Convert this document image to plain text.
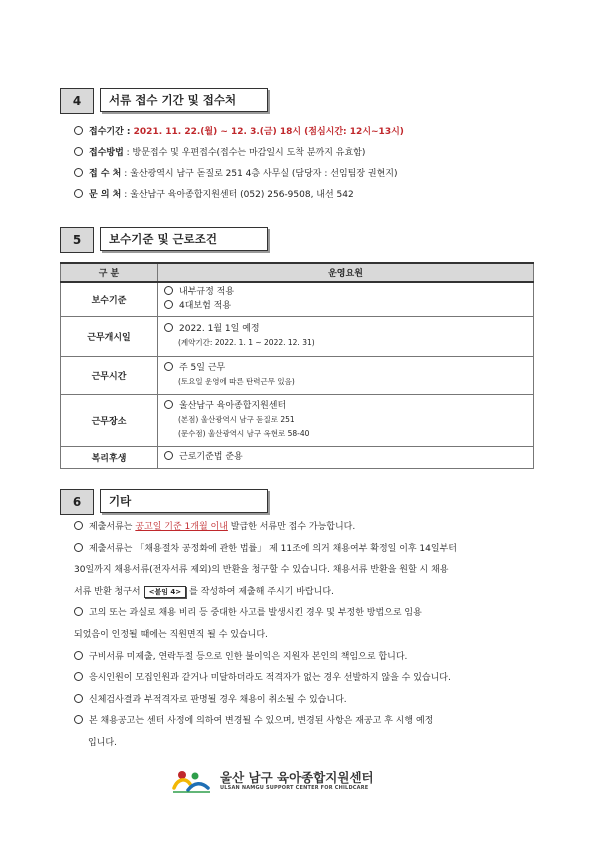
4	서류 접수 기간 및 접수처
접수기간 : 2021. 11. 22.(월) ~ 12. 3.(금) 18시 (점심시간: 12시~13시)
접수방법 : 방문접수 및 우편접수(접수는 마감일시 도착 분까지 유효함)
접 수 처 : 울산광역시 남구 돋질로 251 4층 사무실 (담당자 : 선임팀장 권현지)
문 의 처 : 울산남구 육아종합지원센터 (052) 256-9508, 내선 542
5	보수기준 및 근로조건
구 분	운영요원
보수기준	내부규정 적용
4대보험 적용

근무개시일	2022. 1월 1일 예정
(계약기간: 2022. 1. 1 ~ 2022. 12. 31)

근무시간	주 5일 근무
(토요일 운영에 따른 탄력근무 있음)

근무장소	울산남구 육아종합지원센터
(본점) 울산광역시 남구 돋질로 251
(문수점) 울산광역시 남구 옥현로 58-40

복리후생	근로기준법 준용
6	기타
제출서류는 공고일 기준 1개월 이내 발급한 서류만 접수 가능합니다.
제출서류는 「채용절차 공정화에 관한 법률」 제 11조에 의거 채용여부 확정일 이후 14일부터
30일까지 채용서류(전자서류 제외)의 반환을 청구할 수 있습니다. 채용서류 반환을 원할 시 채용
서류 반환 청구서 <붙임 4> 를 작성하여 제출해 주시기 바랍니다.
고의 또는 과실로 채용 비리 등 중대한 사고를 발생시킨 경우 및 부정한 방법으로 임용
되었음이 인정될 때에는 직원면직 될 수 있습니다.
구비서류 미제출, 연락두절 등으로 인한 불이익은 지원자 본인의 책임으로 합니다.
응시인원이 모집인원과 같거나 미달하더라도 적격자가 없는 경우 선발하지 않을 수 있습니다.
신체검사결과 부적격자로 판명될 경우 채용이 취소될 수 있습니다.
본 채용공고는 센터 사정에 의하여 변경될 수 있으며, 변경된 사항은 재공고 후 시행 예정
입니다.
울산 남구 육아종합지원센터
ULSAN NAMGU SUPPORT CENTER FOR CHILDCARE
